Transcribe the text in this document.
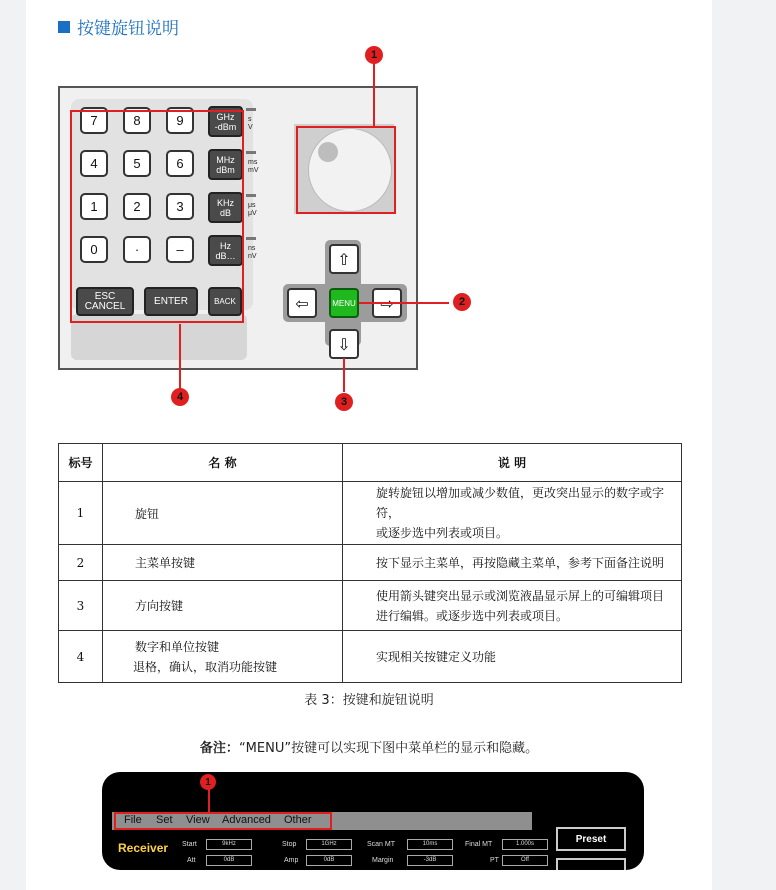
按键旋钮说明
7	8	9
4	5	6
1	2	3
0	·	–
GHz
-dBm
MHz
dBm
KHz
dB
Hz
dB…
s
V
ms
mV
μs
μV
ns
nV
ESC
CANCEL	ENTER	BACK
⇧
⇦	MENU
⇩
1
2
3
4
标号	名 称	说 明
1	旋钮	旋转旋钮以增加或减少数值，更改突出显示的数字或字符，
或逐步选中列表或项目。
2	主菜单按键	按下显示主菜单，再按隐藏主菜单，参考下面备注说明
3	方向按键	使用箭头键突出显示或浏览液晶显示屏上的可编辑项目
进行编辑。或逐步选中列表或项目。
4	数字和单位按键
退格，确认，取消功能按键	实现相关按键定义功能
表 3：按键和旋钮说明
备注：“MENU”按键可以实现下图中菜单栏的显示和隐藏。
File Set View Advanced Other
1
Receiver Start	9kHz	Stop	1GHz	Scan MT	10ms	Final MT	1.000s
Att	0dB	Amp	0dB	Margin	-3dB	PT	Off
Preset
